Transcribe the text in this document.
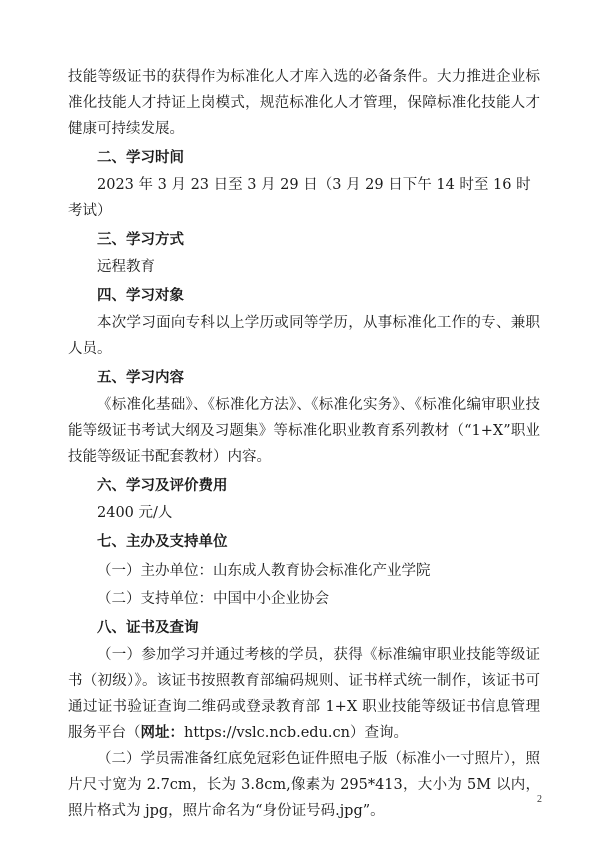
技能等级证书的获得作为标准化人才库入选的必备条件。大力推进企业标准化技能人才持证上岗模式，规范标准化人才管理，保障标准化技能人才健康可持续发展。

二、学习时间

2023 年 3 月 23 日至 3 月 29 日（3 月 29 日下午 14 时至 16 时考试）

三、学习方式

远程教育

四、学习对象

本次学习面向专科以上学历或同等学历，从事标准化工作的专、兼职人员。

五、学习内容

《标准化基础》、《标准化方法》、《标准化实务》、《标准化编审职业技能等级证书考试大纲及习题集》等标准化职业教育系列教材（“1+X”职业技能等级证书配套教材）内容。

六、学习及评价费用

2400 元/人

七、主办及支持单位

（一）主办单位：山东成人教育协会标准化产业学院

（二）支持单位：中国中小企业协会

八、证书及查询

（一）参加学习并通过考核的学员，获得《标准编审职业技能等级证书（初级）》。该证书按照教育部编码规则、证书样式统一制作，该证书可通过证书验证查询二维码或登录教育部 1+X 职业技能等级证书信息管理服务平台（网址：https://vslc.ncb.edu.cn）查询。

（二）学员需准备红底免冠彩色证件照电子版（标准小一寸照片），照片尺寸宽为 2.7cm，长为 3.8cm,像素为 295*413，大小为 5M 以内，照片格式为 jpg，照片命名为“身份证号码.jpg”。

2
